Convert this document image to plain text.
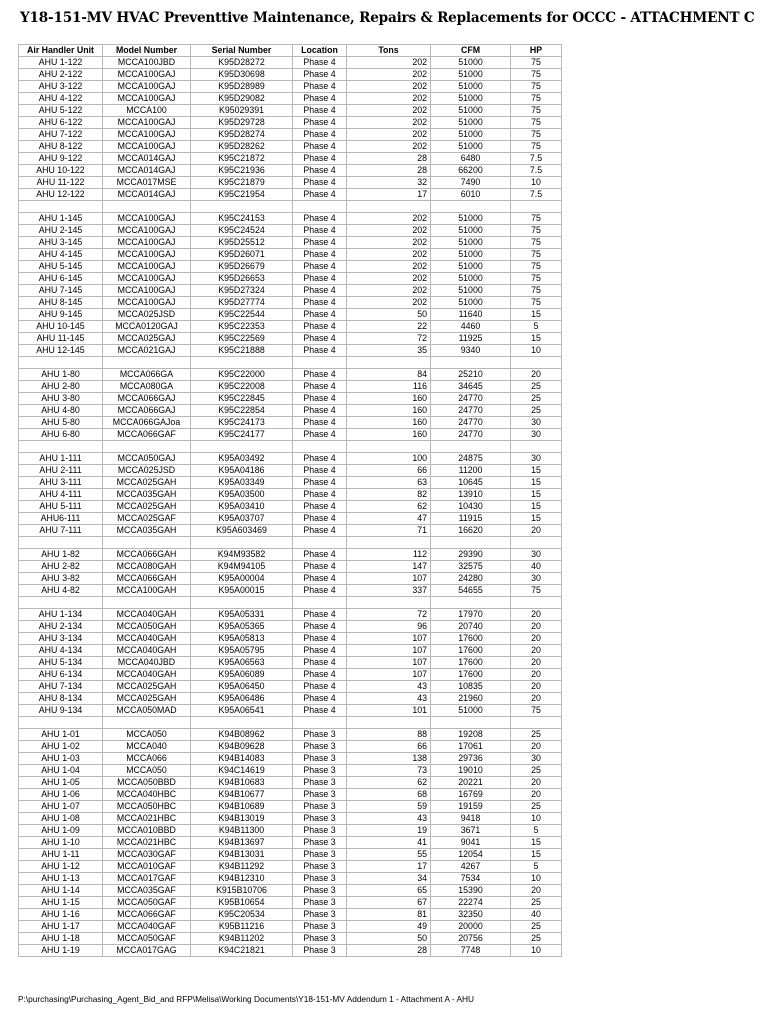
Y18-151-MV HVAC Preventtive Maintenance, Repairs & Replacements for OCCC - ATTACHMENT C
Air Handler Unit	Model Number	Serial Number	Location	Tons	CFM	HP
AHU 1-122	MCCA100JBD	K95D28272	Phase 4	202	51000	75
AHU 2-122	MCCA100GAJ	K95D30698	Phase 4	202	51000	75
AHU 3-122	MCCA100GAJ	K95D28989	Phase 4	202	51000	75
AHU 4-122	MCCA100GAJ	K95D29082	Phase 4	202	51000	75
AHU 5-122	MCCA100	K95029391	Phase 4	202	51000	75
AHU 6-122	MCCA100GAJ	K95D29728	Phase 4	202	51000	75
AHU 7-122	MCCA100GAJ	K95D28274	Phase 4	202	51000	75
AHU 8-122	MCCA100GAJ	K95D28262	Phase 4	202	51000	75
AHU 9-122	MCCA014GAJ	K95C21872	Phase 4	28	6480	7.5
AHU 10-122	MCCA014GAJ	K95C21936	Phase 4	28	66200	7.5
AHU 11-122	MCCA017MSE	K95C21879	Phase 4	32	7490	10
AHU 12-122	MCCA014GAJ	K95C21954	Phase 4	17	6010	7.5

AHU 1-145	MCCA100GAJ	K95C24153	Phase 4	202	51000	75
AHU 2-145	MCCA100GAJ	K95C24524	Phase 4	202	51000	75
AHU 3-145	MCCA100GAJ	K95D25512	Phase 4	202	51000	75
AHU 4-145	MCCA100GAJ	K95D26071	Phase 4	202	51000	75
AHU 5-145	MCCA100GAJ	K95D26679	Phase 4	202	51000	75
AHU 6-145	MCCA100GAJ	K95D26653	Phase 4	202	51000	75
AHU 7-145	MCCA100GAJ	K95D27324	Phase 4	202	51000	75
AHU 8-145	MCCA100GAJ	K95D27774	Phase 4	202	51000	75
AHU 9-145	MCCA025JSD	K95C22544	Phase 4	50	11640	15
AHU 10-145	MCCA0120GAJ	K95C22353	Phase 4	22	4460	5
AHU 11-145	MCCA025GAJ	K95C22569	Phase 4	72	11925	15
AHU 12-145	MCCA021GAJ	K95C21888	Phase 4	35	9340	10

AHU 1-80	MCCA066GA	K95C22000	Phase 4	84	25210	20
AHU 2-80	MCCA080GA	K95C22008	Phase 4	116	34645	25
AHU 3-80	MCCA066GAJ	K95C22845	Phase 4	160	24770	25
AHU 4-80	MCCA066GAJ	K95C22854	Phase 4	160	24770	25
AHU 5-80	MCCA066GAJoa	K95C24173	Phase 4	160	24770	30
AHU 6-80	MCCA066GAF	K95C24177	Phase 4	160	24770	30

AHU 1-111	MCCA050GAJ	K95A03492	Phase 4	100	24875	30
AHU 2-111	MCCA025JSD	K95A04186	Phase 4	66	11200	15
AHU 3-111	MCCA025GAH	K95A03349	Phase 4	63	10645	15
AHU 4-111	MCCA035GAH	K95A03500	Phase 4	82	13910	15
AHU 5-111	MCCA025GAH	K95A03410	Phase 4	62	10430	15
AHU6-111	MCCA025GAF	K95A03707	Phase 4	47	11915	15
AHU 7-111	MCCA035GAH	K95A603469	Phase 4	71	16620	20

AHU 1-82	MCCA066GAH	K94M93582	Phase 4	112	29390	30
AHU 2-82	MCCA080GAH	K94M94105	Phase 4	147	32575	40
AHU 3-82	MCCA066GAH	K95A00004	Phase 4	107	24280	30
AHU 4-82	MCCA100GAH	K95A00015	Phase 4	337	54655	75

AHU 1-134	MCCA040GAH	K95A05331	Phase 4	72	17970	20
AHU 2-134	MCCA050GAH	K95A05365	Phase 4	96	20740	20
AHU 3-134	MCCA040GAH	K95A05813	Phase 4	107	17600	20
AHU 4-134	MCCA040GAH	K95A05795	Phase 4	107	17600	20
AHU 5-134	MCCA040JBD	K95A06563	Phase 4	107	17600	20
AHU 6-134	MCCA040GAH	K95A06089	Phase 4	107	17600	20
AHU 7-134	MCCA025GAH	K95A06450	Phase 4	43	10835	20
AHU 8-134	MCCA025GAH	K95A06486	Phase 4	43	21960	20
AHU 9-134	MCCA050MAD	K95A06541	Phase 4	101	51000	75

AHU 1-01	MCCA050	K94B08962	Phase 3	88	19208	25
AHU 1-02	MCCA040	K94B09628	Phase 3	66	17061	20
AHU 1-03	MCCA066	K94B14083	Phase 3	138	29736	30
AHU 1-04	MCCA050	K94C14619	Phase 3	73	19010	25
AHU 1-05	MCCA050BBD	K94B10683	Phase 3	62	20221	20
AHU 1-06	MCCA040HBC	K94B10677	Phase 3	68	16769	20
AHU 1-07	MCCA050HBC	K94B10689	Phase 3	59	19159	25
AHU 1-08	MCCA021HBC	K94B13019	Phase 3	43	9418	10
AHU 1-09	MCCA010BBD	K94B11300	Phase 3	19	3671	5
AHU 1-10	MCCA021HBC	K94B13697	Phase 3	41	9041	15
AHU 1-11	MCCA030GAF	K94B13031	Phase 3	55	12054	15
AHU 1-12	MCCA010GAF	K94B11292	Phase 3	17	4267	5
AHU 1-13	MCCA017GAF	K94B12310	Phase 3	34	7534	10
AHU 1-14	MCCA035GAF	K915B10706	Phase 3	65	15390	20
AHU 1-15	MCCA050GAF	K95B10654	Phase 3	67	22274	25
AHU 1-16	MCCA066GAF	K95C20534	Phase 3	81	32350	40
AHU 1-17	MCCA040GAF	K95B11216	Phase 3	49	20000	25
AHU 1-18	MCCA050GAF	K94B11202	Phase 3	50	20756	25
AHU 1-19	MCCA017GAG	K94C21821	Phase 3	28	7748	10
P:\purchasing\Purchasing_Agent_Bid_and RFP\Melisa\Working Documents\Y18-151-MV Addendum 1 - Attachment A - AHU
